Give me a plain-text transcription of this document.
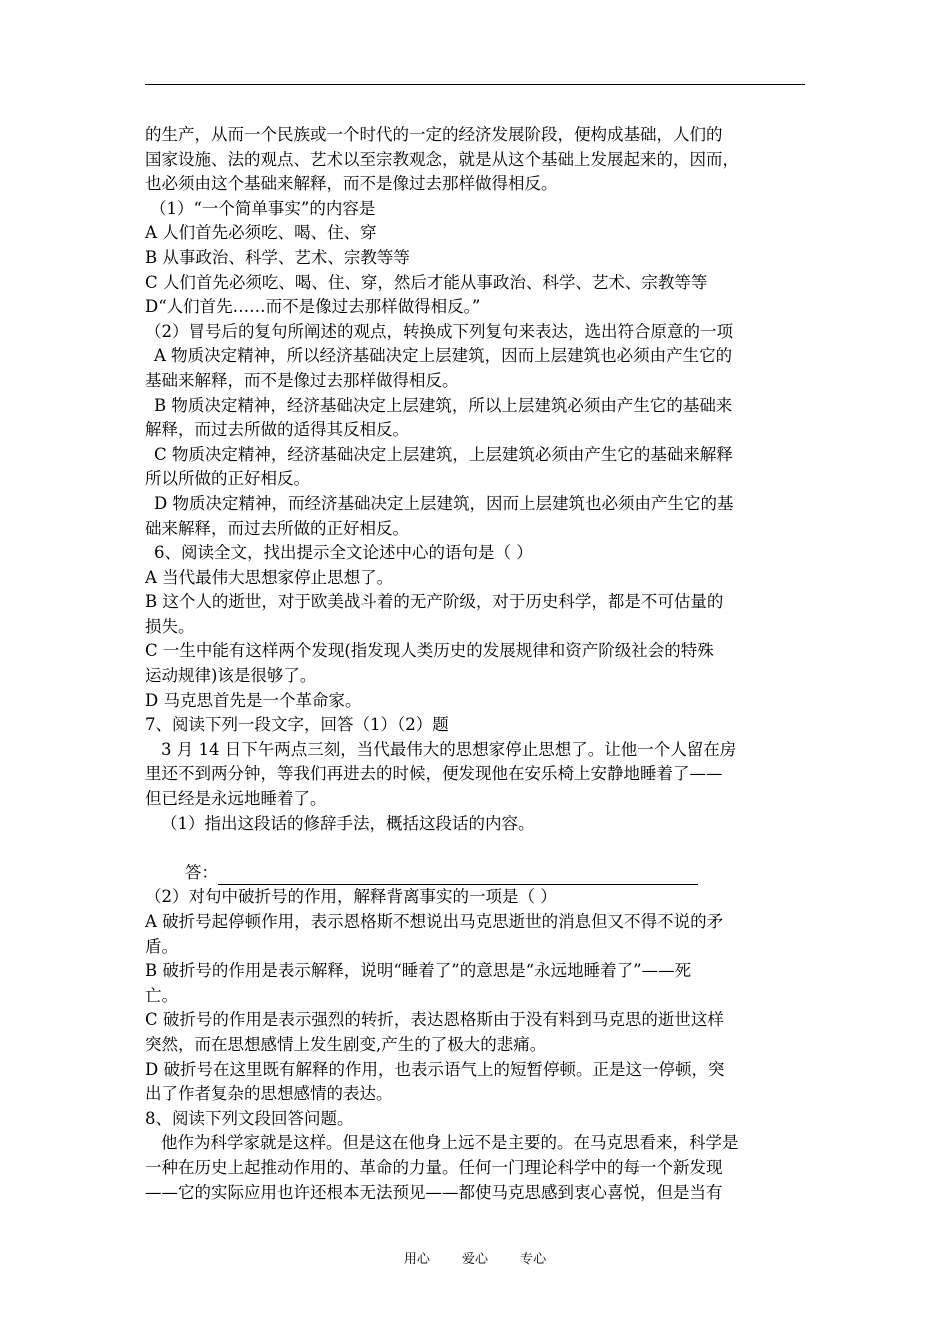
的生产，从而一个民族或一个时代的一定的经济发展阶段，便构成基础，人们的
国家设施、法的观点、艺术以至宗教观念，就是从这个基础上发展起来的，因而，
也必须由这个基础来解释，而不是像过去那样做得相反。
（1）“一个简单事实”的内容是
A 人们首先必须吃、喝、住、穿
B 从事政治、科学、艺术、宗教等等
C 人们首先必须吃、喝、住、穿，然后才能从事政治、科学、艺术、宗教等等
D“人们首先……而不是像过去那样做得相反。”
（2）冒号后的复句所阐述的观点，转换成下列复句来表达，选出符合原意的一项
A 物质决定精神，所以经济基础决定上层建筑，因而上层建筑也必须由产生它的
基础来解释，而不是像过去那样做得相反。
B 物质决定精神，经济基础决定上层建筑，所以上层建筑必须由产生它的基础来
解释，而过去所做的适得其反相反。
C 物质决定精神，经济基础决定上层建筑，上层建筑必须由产生它的基础来解释
所以所做的正好相反。
D 物质决定精神，而经济基础决定上层建筑，因而上层建筑也必须由产生它的基
础来解释，而过去所做的正好相反。
6、阅读全文，找出提示全文论述中心的语句是（ ）
A 当代最伟大思想家停止思想了。
B 这个人的逝世，对于欧美战斗着的无产阶级，对于历史科学，都是不可估量的
损失。
C 一生中能有这样两个发现(指发现人类历史的发展规律和资产阶级社会的特殊
运动规律)该是很够了。
D 马克思首先是一个革命家。
7、阅读下列一段文字，回答（1）（2）题
3 月 14 日下午两点三刻，当代最伟大的思想家停止思想了。让他一个人留在房
里还不到两分钟，等我们再进去的时候，便发现他在安乐椅上安静地睡着了——
但已经是永远地睡着了。
（1）指出这段话的修辞手法，概括这段话的内容。
答：
（2）对句中破折号的作用，解释背离事实的一项是（ ）
A 破折号起停顿作用，表示恩格斯不想说出马克思逝世的消息但又不得不说的矛
盾。
B 破折号的作用是表示解释，说明“睡着了”的意思是“永远地睡着了”——死
亡。
C 破折号的作用是表示强烈的转折，表达恩格斯由于没有料到马克思的逝世这样
突然，而在思想感情上发生剧变,产生的了极大的悲痛。
D 破折号在这里既有解释的作用，也表示语气上的短暂停顿。正是这一停顿，突
出了作者复杂的思想感情的表达。
8、阅读下列文段回答问题。
他作为科学家就是这样。但是这在他身上远不是主要的。在马克思看来，科学是
一种在历史上起推动作用的、革命的力量。任何一门理论科学中的每一个新发现
——它的实际应用也许还根本无法预见——都使马克思感到衷心喜悦，但是当有
用心 爱心 专心
